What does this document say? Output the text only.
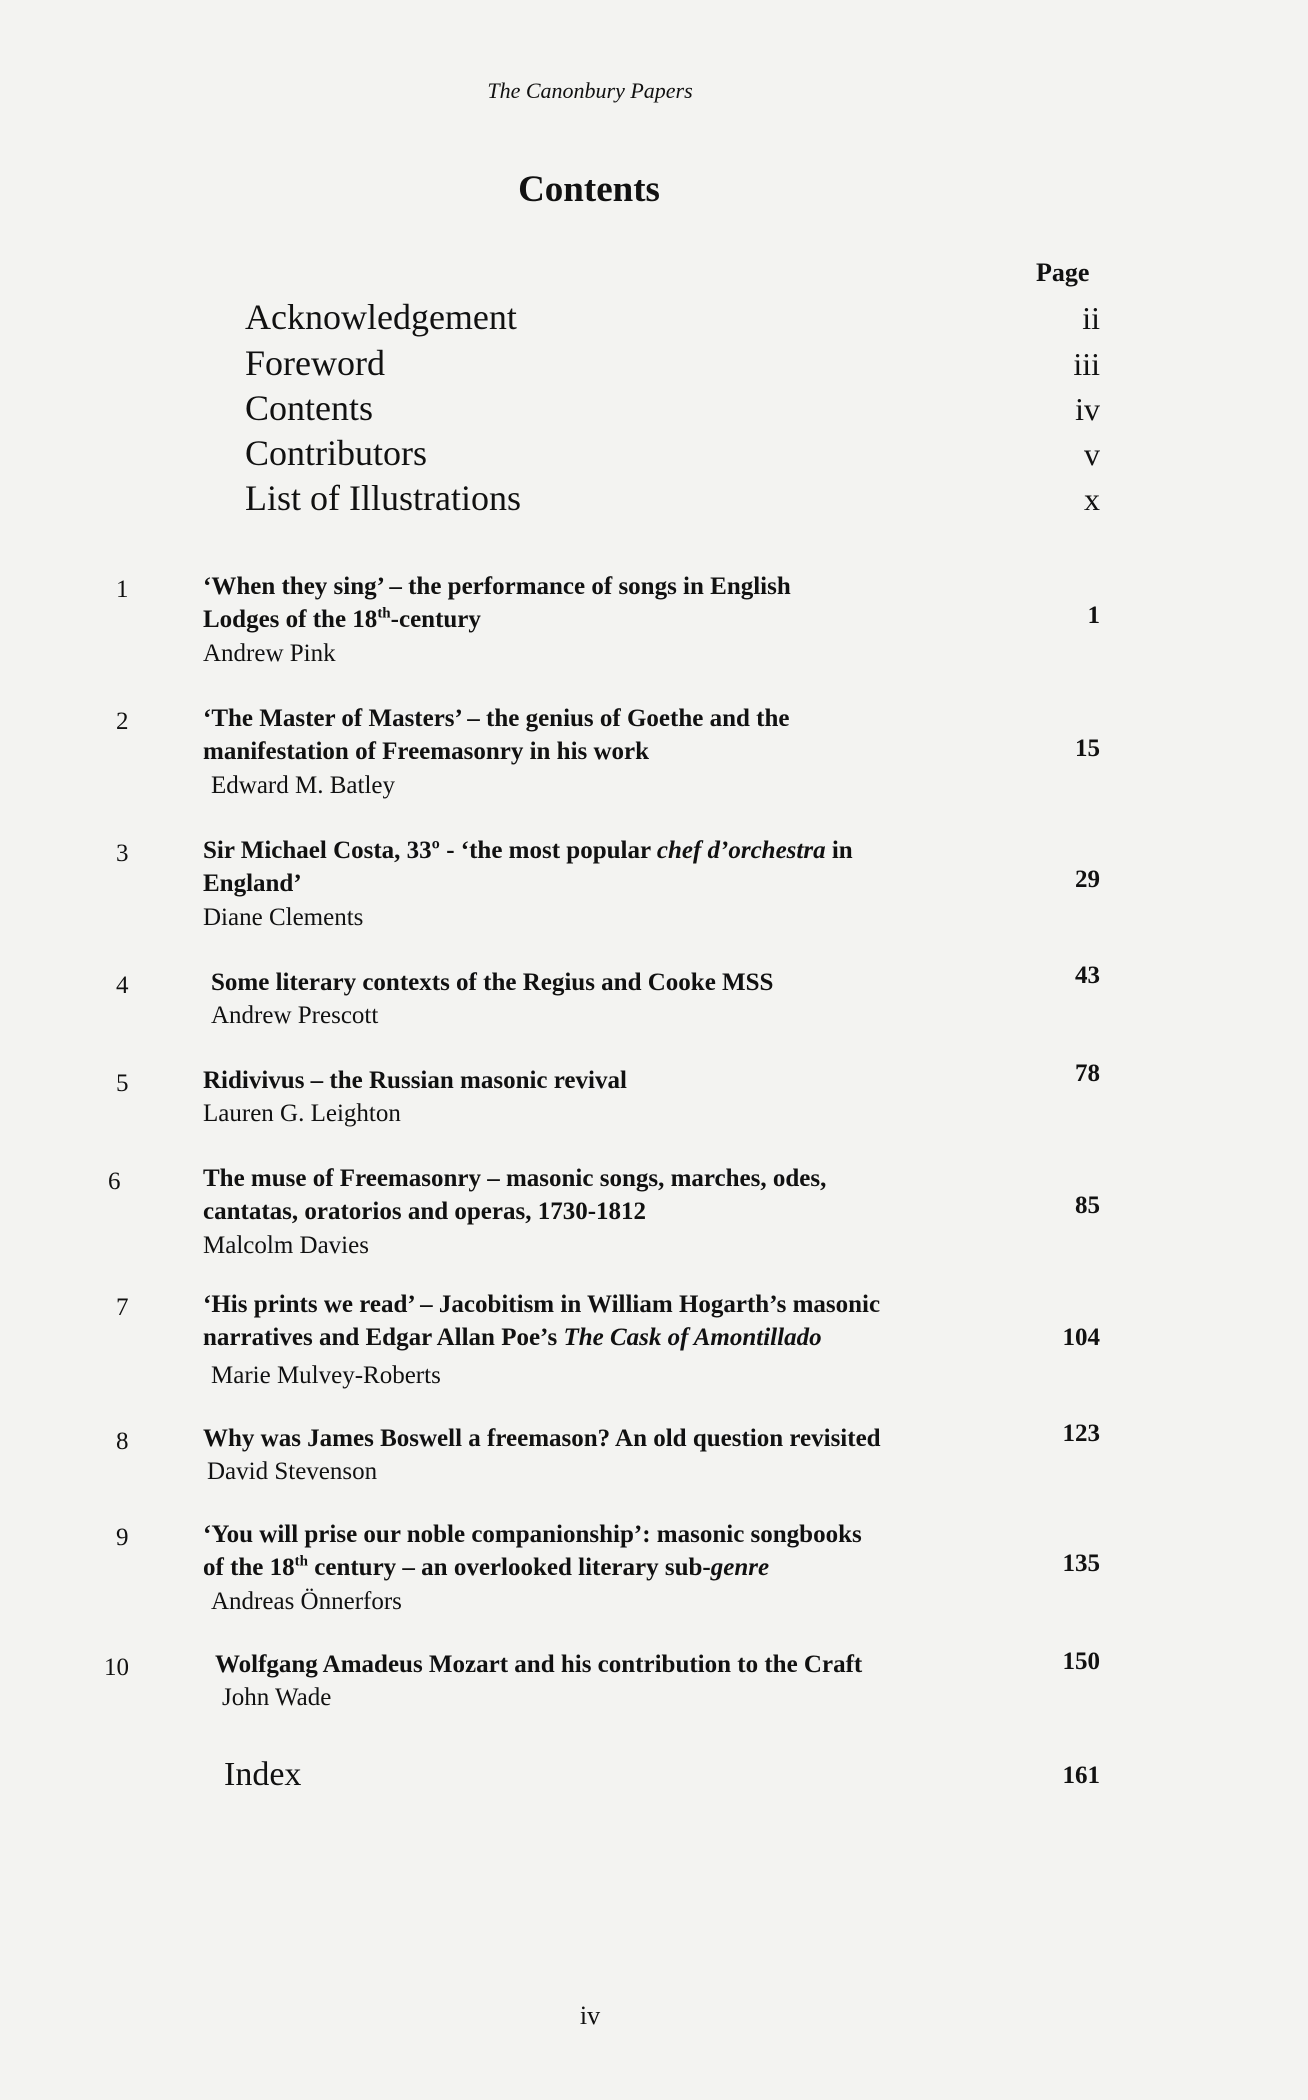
The Canonbury Papers
Contents
Page
Acknowledgement	ii
Foreword	iii
Contents	iv
Contributors	v
List of Illustrations	x
1	‘When they sing’ – the performance of songs in English
Lodges of the 18th-century
Andrew Pink
1
2	‘The Master of Masters’ – the genius of Goethe and the
manifestation of Freemasonry in his work
Edward M. Batley
15
3	Sir Michael Costa, 33º - ‘the most popular chef d’orchestra in
England’
Diane Clements
29
4	Some literary contexts of the Regius and Cooke MSS
Andrew Prescott
43
5	Ridivivus – the Russian masonic revival
Lauren G. Leighton
78
6	The muse of Freemasonry – masonic songs, marches, odes,
cantatas, oratorios and operas, 1730-1812
Malcolm Davies
85
7	‘His prints we read’ – Jacobitism in William Hogarth’s masonic
narratives and Edgar Allan Poe’s The Cask of Amontillado
Marie Mulvey-Roberts
104
8	Why was James Boswell a freemason? An old question revisited
David Stevenson
123
9	‘You will prise our noble companionship’: masonic songbooks
of the 18th century – an overlooked literary sub-genre
Andreas Önnerfors
135
10	Wolfgang Amadeus Mozart and his contribution to the Craft
John Wade
150
Index	161
iv
